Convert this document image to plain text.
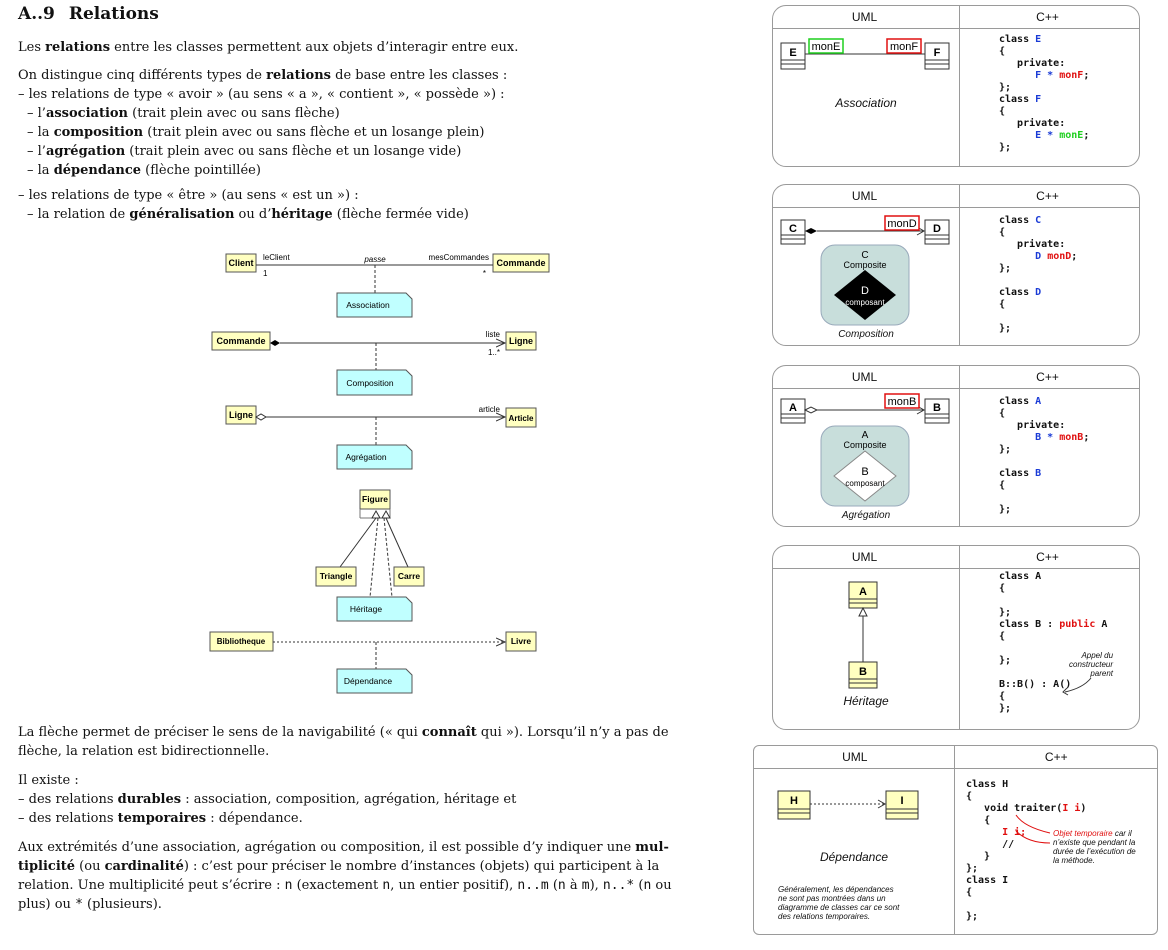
A..9 Relations
Les relations entre les classes permettent aux objets d’interagir entre eux.
On distingue cinq différents types de relations de base entre les classes :
– les relations de type « avoir » (au sens « a », « contient », « possède ») :
– l’association (trait plein avec ou sans flèche)
– la composition (trait plein avec ou sans flèche et un losange plein)
– l’agrégation (trait plein avec ou sans flèche et un losange vide)
– la dépendance (flèche pointillée)
– les relations de type « être » (au sens « est un ») :
– la relation de généralisation ou d’héritage (flèche fermée vide)
Client	Commande
leClient	passe	mesCommandes
1	*
Association
Commande	Ligne
liste
1..*
Composition
Ligne	Article
article
Agrégation
Figure
Triangle	Carre
Héritage
Bibliotheque	Livre
Dépendance
La flèche permet de préciser le sens de la navigabilité (« qui connaît qui »). Lorsqu’il n’y a pas de
flèche, la relation est bidirectionnelle.
Il existe :
– des relations durables : association, composition, agrégation, héritage et
– des relations temporaires : dépendance.
Aux extrémités d’une association, agrégation ou composition, il est possible d’y indiquer une mul-
tiplicité (ou cardinalité) : c’est pour préciser le nombre d’instances (objets) qui participent à la
relation. Une multiplicité peut s’écrire : n (exactement n, un entier positif), n..m (n à m), n..* (n ou
plus) ou * (plusieurs).
UML	C++
E	F
monE	monF
Association
class E
{
private:
F * monF;
};
class F
{
private:
E * monE;
};
UML	C++
C	D
monD
C
Composite
D
composant
Composition
class C
{
private:
D monD;
};

class D
{

};
UML	C++
A	B
monB
A
Composite
B
composant
Agrégation
class A
{
private:
B * monB;
};

class B
{

};
UML	C++
A
B
Héritage
class A
{

};
class B : public A
{

};

B::B() : A()
{
};
Appel du
constructeur
parent
UML	C++
H	I
Dépendance
Généralement, les dépendances
ne sont pas montrées dans un
diagramme de classes car ce sont
des relations temporaires.
class H
{
void traiter(I i)
{
I i;
//
}
};
class I
{

};
Objet temporaire car il
n’existe que pendant la
durée de l’exécution de
la méthode.
